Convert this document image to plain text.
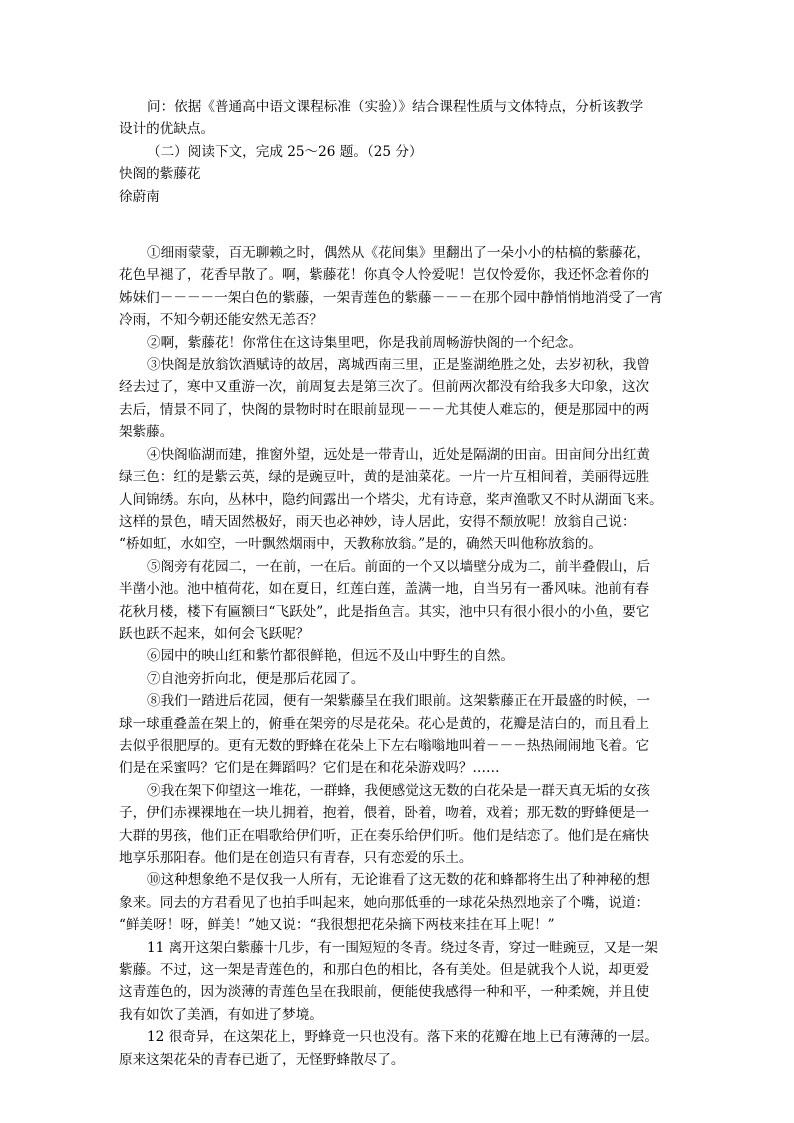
问：依据《普通高中语文课程标准（实验）》结合课程性质与文体特点，分析该教学

设计的优缺点。

（二）阅读下文，完成 25～26 题。（25 分）

快阁的紫藤花

徐蔚南

①细雨蒙蒙，百无聊赖之时，偶然从《花间集》里翻出了一朵小小的枯槁的紫藤花，

花色早褪了，花香早散了。啊，紫藤花！你真令人怜爱呢！岂仅怜爱你，我还怀念着你的

姊妹们－－－－一架白色的紫藤，一架青莲色的紫藤－－－在那个园中静悄悄地消受了一宵

冷雨，不知今朝还能安然无恙否？

②啊，紫藤花！你常住在这诗集里吧，你是我前周畅游快阁的一个纪念。

③快阁是放翁饮酒赋诗的故居，离城西南三里，正是鉴湖绝胜之处，去岁初秋，我曾

经去过了，寒中又重游一次，前周复去是第三次了。但前两次都没有给我多大印象，这次

去后，情景不同了，快阁的景物时时在眼前显现－－－尤其使人难忘的，便是那园中的两

架紫藤。

④快阁临湖而建，推窗外望，远处是一带青山，近处是隔湖的田亩。田亩间分出红黄

绿三色：红的是紫云英，绿的是豌豆叶，黄的是油菜花。一片一片互相间着，美丽得远胜

人间锦绣。东向，丛林中，隐约间露出一个塔尖，尤有诗意，桨声渔歌又不时从湖面飞来。

这样的景色，晴天固然极好，雨天也必神妙，诗人居此，安得不颓放呢！放翁自己说：

“桥如虹，水如空，一叶飘然烟雨中，天教称放翁。”是的，确然天叫他称放翁的。

⑤阁旁有花园二，一在前，一在后。前面的一个又以墙壁分成为二，前半叠假山，后

半凿小池。池中植荷花，如在夏日，红莲白莲，盖满一地，自当另有一番风味。池前有春

花秋月楼，楼下有匾额曰“飞跃处”，此是指鱼言。其实，池中只有很小很小的小鱼，要它

跃也跃不起来，如何会飞跃呢？

⑥园中的映山红和紫竹都很鲜艳，但远不及山中野生的自然。

⑦自池旁折向北，便是那后花园了。

⑧我们一踏进后花园，便有一架紫藤呈在我们眼前。这架紫藤正在开最盛的时候，一

球一球重叠盖在架上的，俯垂在架旁的尽是花朵。花心是黄的，花瓣是洁白的，而且看上

去似乎很肥厚的。更有无数的野蜂在花朵上下左右嗡嗡地叫着－－－热热闹闹地飞着。它

们是在采蜜吗？它们是在舞蹈吗？它们是在和花朵游戏吗？……

⑨我在架下仰望这一堆花，一群蜂，我便感觉这无数的白花朵是一群天真无垢的女孩

子，伊们赤裸裸地在一块儿拥着，抱着，偎着，卧着，吻着，戏着；那无数的野蜂便是一

大群的男孩，他们正在唱歌给伊们听，正在奏乐给伊们听。他们是结恋了。他们是在痛快

地享乐那阳春。他们是在创造只有青春，只有恋爱的乐土。

⑩这种想象绝不是仅我一人所有，无论谁看了这无数的花和蜂都将生出了种神秘的想

象来。同去的方君看见了也拍手叫起来，她向那低垂的一球花朵热烈地亲了个嘴，说道：

“鲜美呀！呀，鲜美！”她又说：“我很想把花朵摘下两枝来挂在耳上呢！”

11 离开这架白紫藤十几步，有一围短短的冬青。绕过冬青，穿过一畦豌豆，又是一架

紫藤。不过，这一架是青莲色的，和那白色的相比，各有美处。但是就我个人说，却更爱

这青莲色的，因为淡薄的青莲色呈在我眼前，便能使我感得一种和平，一种柔婉，并且使

我有如饮了美酒，有如进了梦境。

12 很奇异，在这架花上，野蜂竟一只也没有。落下来的花瓣在地上已有薄薄的一层。

原来这架花朵的青春已逝了，无怪野蜂散尽了。
